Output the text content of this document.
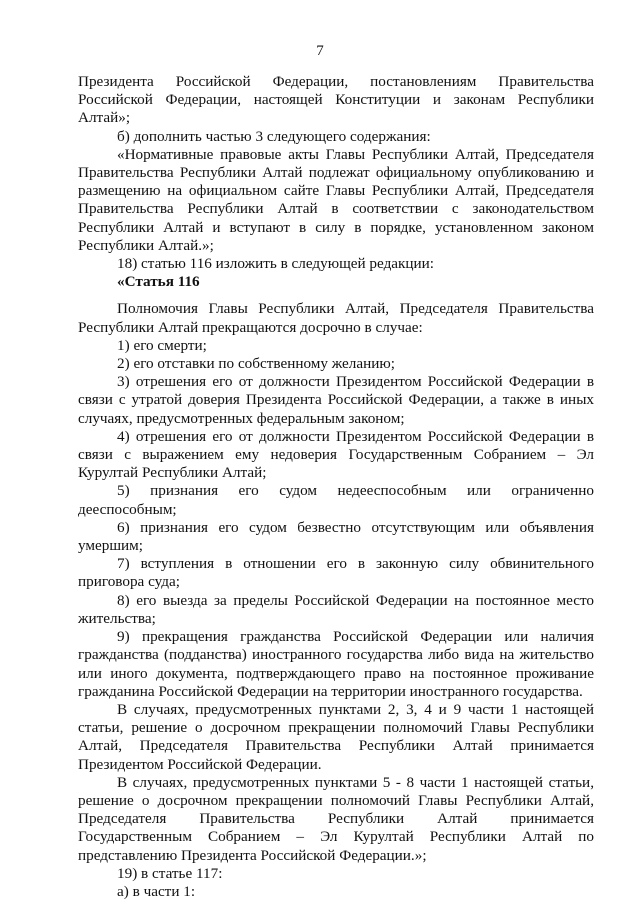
7

Президента Российской Федерации, постановлениям Правительства Российской Федерации, настоящей Конституции и законам Республики Алтай»;

б) дополнить частью 3 следующего содержания:

«Нормативные правовые акты Главы Республики Алтай, Председателя Правительства Республики Алтай подлежат официальному опубликованию и размещению на официальном сайте Главы Республики Алтай, Председателя Правительства Республики Алтай в соответствии с законодательством Республики Алтай и вступают в силу в порядке, установленном законом Республики Алтай.»;

18) статью 116 изложить в следующей редакции:

«Статья 116

Полномочия Главы Республики Алтай, Председателя Правительства Республики Алтай прекращаются досрочно в случае:

1) его смерти;

2) его отставки по собственному желанию;

3) отрешения его от должности Президентом Российской Федерации в связи с утратой доверия Президента Российской Федерации, а также в иных случаях, предусмотренных федеральным законом;

4) отрешения его от должности Президентом Российской Федерации в связи с выражением ему недоверия Государственным Собранием – Эл Курултай Республики Алтай;

5) признания его судом недееспособным или ограниченно дееспособным;

6) признания его судом безвестно отсутствующим или объявления умершим;

7) вступления в отношении его в законную силу обвинительного приговора суда;

8) его выезда за пределы Российской Федерации на постоянное место жительства;

9) прекращения гражданства Российской Федерации или наличия гражданства (подданства) иностранного государства либо вида на жительство или иного документа, подтверждающего право на постоянное проживание гражданина Российской Федерации на территории иностранного государства.

В случаях, предусмотренных пунктами 2, 3, 4 и 9 части 1 настоящей статьи, решение о досрочном прекращении полномочий Главы Республики Алтай, Председателя Правительства Республики Алтай принимается Президентом Российской Федерации.

В случаях, предусмотренных пунктами 5 - 8 части 1 настоящей статьи, решение о досрочном прекращении полномочий Главы Республики Алтай, Председателя Правительства Республики Алтай принимается Государственным Собранием – Эл Курултай Республики Алтай по представлению Президента Российской Федерации.»;

19) в статье 117:

а) в части 1:
